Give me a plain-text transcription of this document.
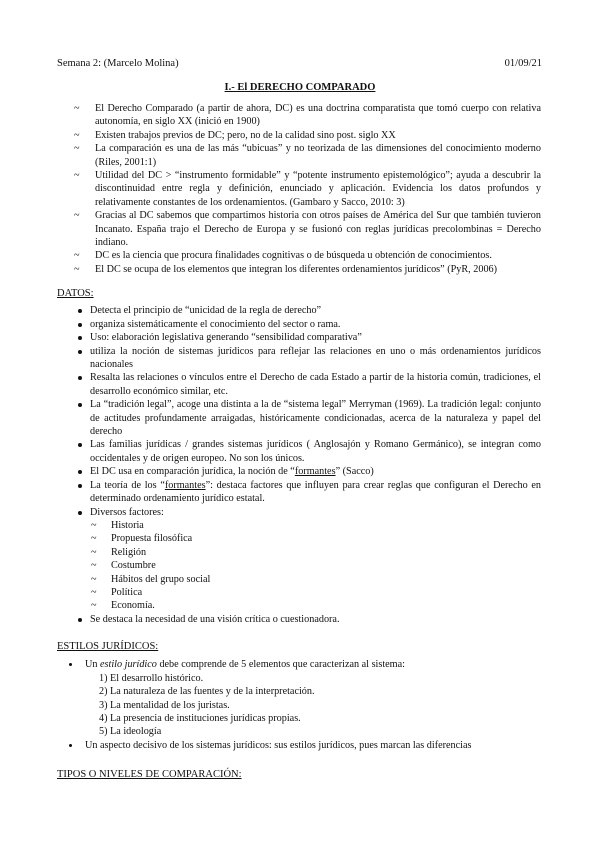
Semana 2: (Marcelo Molina)	01/09/21
I.- El DERECHO COMPARADO
~ El Derecho Comparado (a partir de ahora, DC) es una doctrina comparatista que tomó cuerpo con relativa autonomía, en siglo XX (inició en 1900)
~ Existen trabajos previos de DC; pero, no de la calidad sino post. siglo XX
~ La comparación es una de las más “ubicuas” y no teorizada de las dimensiones del conocimiento moderno (Riles, 2001:1)
~ Utilidad del DC > “instrumento formidable” y “potente instrumento epistemológico”; ayuda a descubrir la discontinuidad entre regla y definición, enunciado y aplicación. Evidencia los datos profundos y relativamente constantes de los ordenamientos. (Gambaro y Sacco, 2010: 3)
~ Gracias al DC sabemos que compartimos historia con otros países de América del Sur que también tuvieron Incanato. España trajo el Derecho de Europa y se fusionó con reglas jurídicas precolombinas = Derecho indiano.
~ DC es la ciencia que procura finalidades cognitivas o de búsqueda u obtención de conocimientos.
~ El DC se ocupa de los elementos que integran los diferentes ordenamientos jurídicos” (PyR, 2006)
DATOS:
Detecta el principio de “unicidad de la regla de derecho”
organiza sistemáticamente el conocimiento del sector o rama.
Uso: elaboración legislativa generando “sensibilidad comparativa”
utiliza la noción de sistemas jurídicos para reflejar las relaciones en uno o más ordenamientos jurídicos nacionales
Resalta las relaciones o vínculos entre el Derecho de cada Estado a partir de la historia común, tradiciones, el desarrollo económico similar, etc.
La “tradición legal”, acoge una distinta a la de “sistema legal” Merryman (1969). La tradición legal: conjunto de actitudes profundamente arraigadas, históricamente condicionadas, acerca de la naturaleza y papel del derecho
Las familias jurídicas / grandes sistemas jurídicos ( Anglosajón y Romano Germánico), se integran como occidentales y de origen europeo. No son los únicos.
El DC usa en comparación jurídica, la noción de “formantes” (Sacco)
La teoría de los “formantes”: destaca factores que influyen para crear reglas que configuran el Derecho en determinado ordenamiento jurídico estatal.
Diversos factores:
~ Historia
~ Propuesta filosófica
~ Religión
~ Costumbre
~ Hábitos del grupo social
~ Política
~ Economía.
Se destaca la necesidad de una visión crítica o cuestionadora.
ESTILOS JURÍDICOS:
Un estilo jurídico debe comprende de 5 elementos que caracterizan al sistema:
1) El desarrollo histórico.
2) La naturaleza de las fuentes y de la interpretación.
3) La mentalidad de los juristas.
4) La presencia de instituciones jurídicas propias.
5) La ideología
Un aspecto decisivo de los sistemas jurídicos: sus estilos jurídicos, pues marcan las diferencias
TIPOS O NIVELES DE COMPARACIÓN:
